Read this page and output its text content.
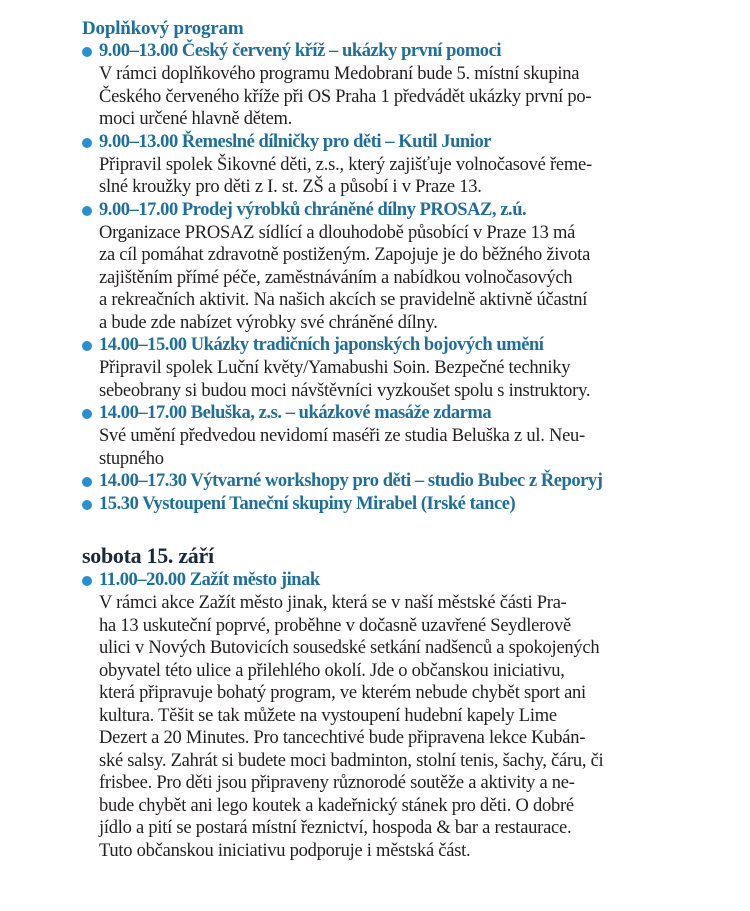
Doplňkový program
9.00–13.00 Český červený kříž – ukázky první pomoci
V rámci doplňkového programu Medobraní bude 5. místní skupina
Českého červeného kříže při OS Praha 1 předvádět ukázky první po-
moci určené hlavně dětem.
9.00–13.00 Řemeslné dílničky pro děti – Kutil Junior
Připravil spolek Šikovné děti, z.s., který zajišťuje volnočasové řeme-
slné kroužky pro děti z I. st. ZŠ a působí i v Praze 13.
9.00–17.00 Prodej výrobků chráněné dílny PROSAZ, z.ú.
Organizace PROSAZ sídlící a dlouhodobě působící v Praze 13 má
za cíl pomáhat zdravotně postiženým. Zapojuje je do běžného života
zajištěním přímé péče, zaměstnáváním a nabídkou volnočasových
a rekreačních aktivit. Na našich akcích se pravidelně aktivně účastní
a bude zde nabízet výrobky své chráněné dílny.
14.00–15.00 Ukázky tradičních japonských bojových umění
Připravil spolek Luční květy/Yamabushi Soin. Bezpečné techniky
sebeobrany si budou moci návštěvníci vyzkoušet spolu s instruktory.
14.00–17.00 Beluška, z.s. – ukázkové masáže zdarma
Své umění předvedou nevidomí maséři ze studia Beluška z ul. Neu-
stupného
14.00–17.30 Výtvarné workshopy pro děti – studio Bubec z Řeporyj
15.30 Vystoupení Taneční skupiny Mirabel (Irské tance)
sobota 15. září
11.00–20.00 Zažít město jinak
V rámci akce Zažít město jinak, která se v naší městské části Pra-
ha 13 uskuteční poprvé, proběhne v dočasně uzavřené Seydlerově
ulici v Nových Butovicích sousedské setkání nadšenců a spokojených
obyvatel této ulice a přilehlého okolí. Jde o občanskou iniciativu,
která připravuje bohatý program, ve kterém nebude chybět sport ani
kultura. Těšit se tak můžete na vystoupení hudební kapely Lime
Dezert a 20 Minutes. Pro tancechtivé bude připravena lekce Kubán-
ské salsy. Zahrát si budete moci badminton, stolní tenis, šachy, čáru, či
frisbee. Pro děti jsou připraveny různorodé soutěže a aktivity a ne-
bude chybět ani lego koutek a kadeřnický stánek pro děti. O dobré
jídlo a pití se postará místní řeznictví, hospoda & bar a restaurace.
Tuto občanskou iniciativu podporuje i městská část.
